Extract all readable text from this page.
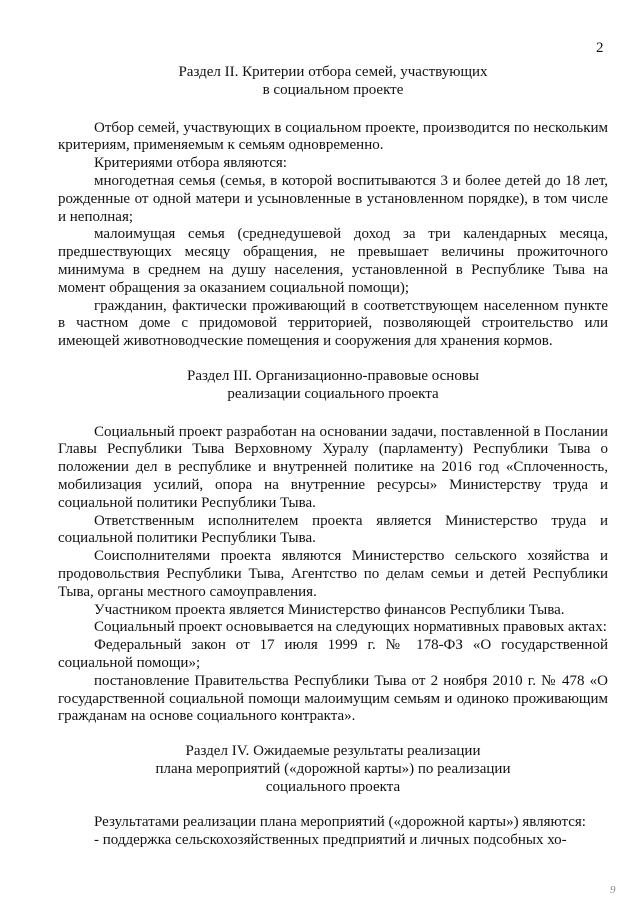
2
Раздел II. Критерии отбора семей, участвующих
в социальном проекте

Отбор семей, участвующих в социальном проекте, производится по нескольким критериям, применяемым к семьям одновременно.

Критериями отбора являются:

многодетная семья (семья, в которой воспитываются 3 и более детей до 18 лет, рожденные от одной матери и усыновленные в установленном порядке), в том числе и неполная;

малоимущая семья (среднедушевой доход за три календарных месяца, предшествующих месяцу обращения, не превышает величины прожиточного минимума в среднем на душу населения, установленной в Республике Тыва на момент обращения за оказанием социальной помощи);

гражданин, фактически проживающий в соответствующем населенном пункте в частном доме с придомовой территорией, позволяющей строительство или имеющей животноводческие помещения и сооружения для хранения кормов.

Раздел III. Организационно-правовые основы
реализации социального проекта

Социальный проект разработан на основании задачи, поставленной в Послании Главы Республики Тыва Верховному Хуралу (парламенту) Республики Тыва о положении дел в республике и внутренней политике на 2016 год «Сплоченность, мобилизация усилий, опора на внутренние ресурсы» Министерству труда и социальной политики Республики Тыва.

Ответственным исполнителем проекта является Министерство труда и социальной политики Республики Тыва.

Соисполнителями проекта являются Министерство сельского хозяйства и продовольствия Республики Тыва, Агентство по делам семьи и детей Республики Тыва, органы местного самоуправления.

Участником проекта является Министерство финансов Республики Тыва.

Социальный проект основывается на следующих нормативных правовых актах:

Федеральный закон от 17 июля 1999 г. № 178-ФЗ «О государственной социальной помощи»;

постановление Правительства Республики Тыва от 2 ноября 2010 г. № 478 «О государственной социальной помощи малоимущим семьям и одиноко проживающим гражданам на основе социального контракта».

Раздел IV. Ожидаемые результаты реализации
плана мероприятий («дорожной карты») по реализации
социального проекта

Результатами реализации плана мероприятий («дорожной карты») являются:

- поддержка сельскохозяйственных предприятий и личных подсобных хо-

9
